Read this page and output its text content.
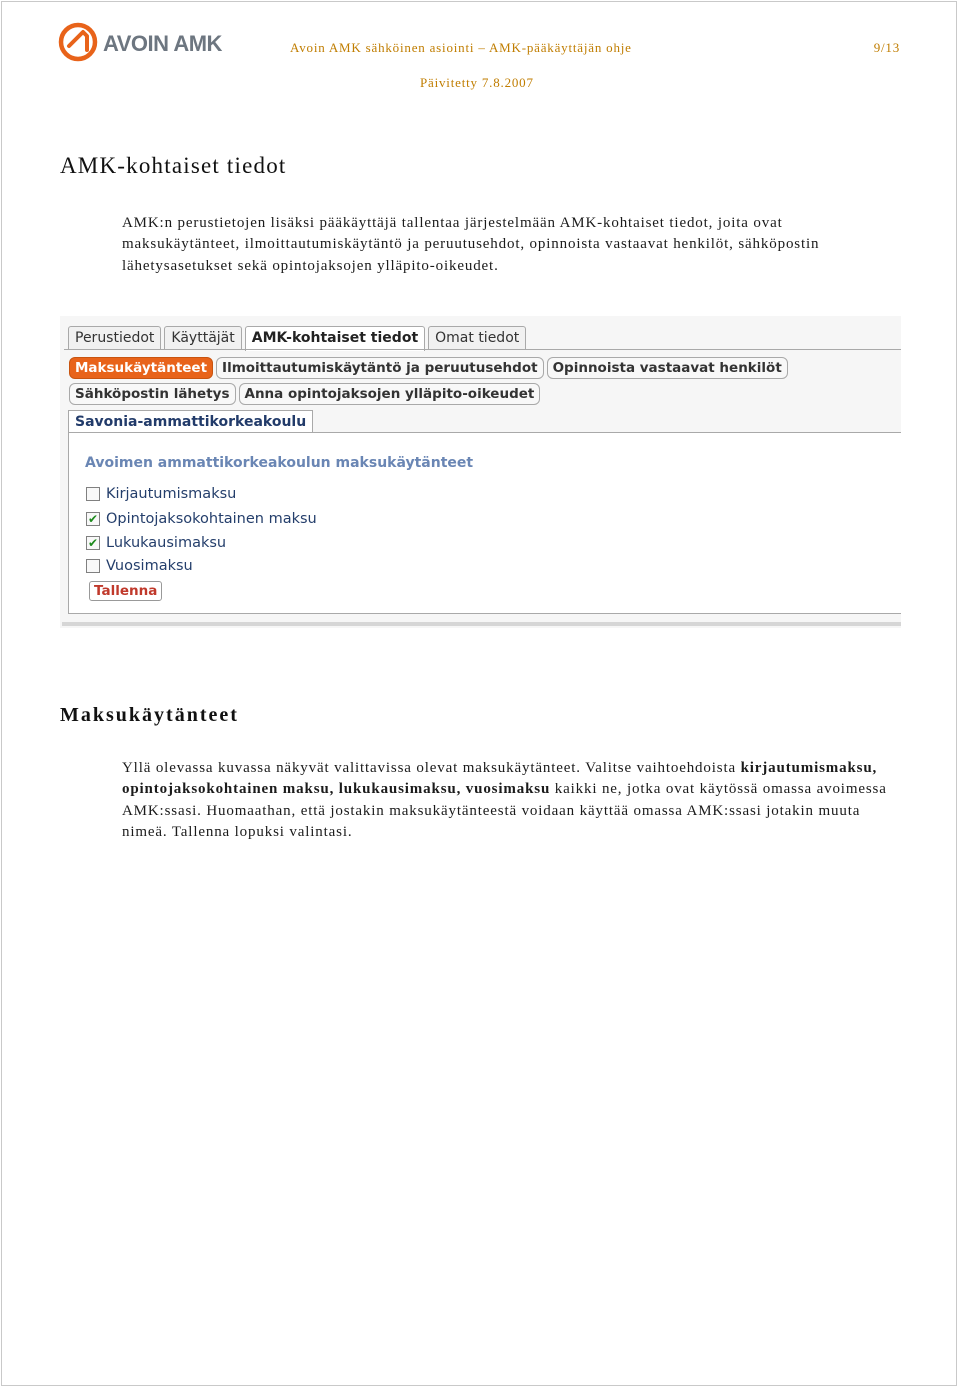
AVOIN AMK	Avoin AMK sähköinen asiointi – AMK-pääkäyttäjän ohje	9/13
Päivitetty 7.8.2007
AMK-kohtaiset tiedot

AMK:n perustietojen lisäksi pääkäyttäjä tallentaa järjestelmään AMK-kohtaiset tiedot, joita ovat maksukäytänteet, ilmoittautumiskäytäntö ja peruutusehdot, opinnoista vastaavat henkilöt, sähköpostin lähetysasetukset sekä opintojaksojen ylläpito-oikeudet.

Perustiedot	Käyttäjät	AMK-kohtaiset tiedot	Omat tiedot
Maksukäytänteet	Ilmoittautumiskäytäntö ja peruutusehdot	Opinnoista vastaavat henkilöt
Sähköpostin lähetys	Anna opintojaksojen ylläpito-oikeudet
Savonia-ammattikorkeakoulu
Avoimen ammattikorkeakoulun maksukäytänteet
Kirjautumismaksu
✔ Opintojaksokohtainen maksu
✔ Lukukausimaksu
Vuosimaksu
Tallenna
Maksukäytänteet

Yllä olevassa kuvassa näkyvät valittavissa olevat maksukäytänteet. Valitse vaihtoehdoista kirjautumismaksu, opintojaksokohtainen maksu, lukukausimaksu, vuosimaksu kaikki ne, jotka ovat käytössä omassa avoimessa AMK:ssasi. Huomaathan, että jostakin maksukäytänteestä voidaan käyttää omassa AMK:ssasi jotakin muuta nimeä. Tallenna lopuksi valintasi.
